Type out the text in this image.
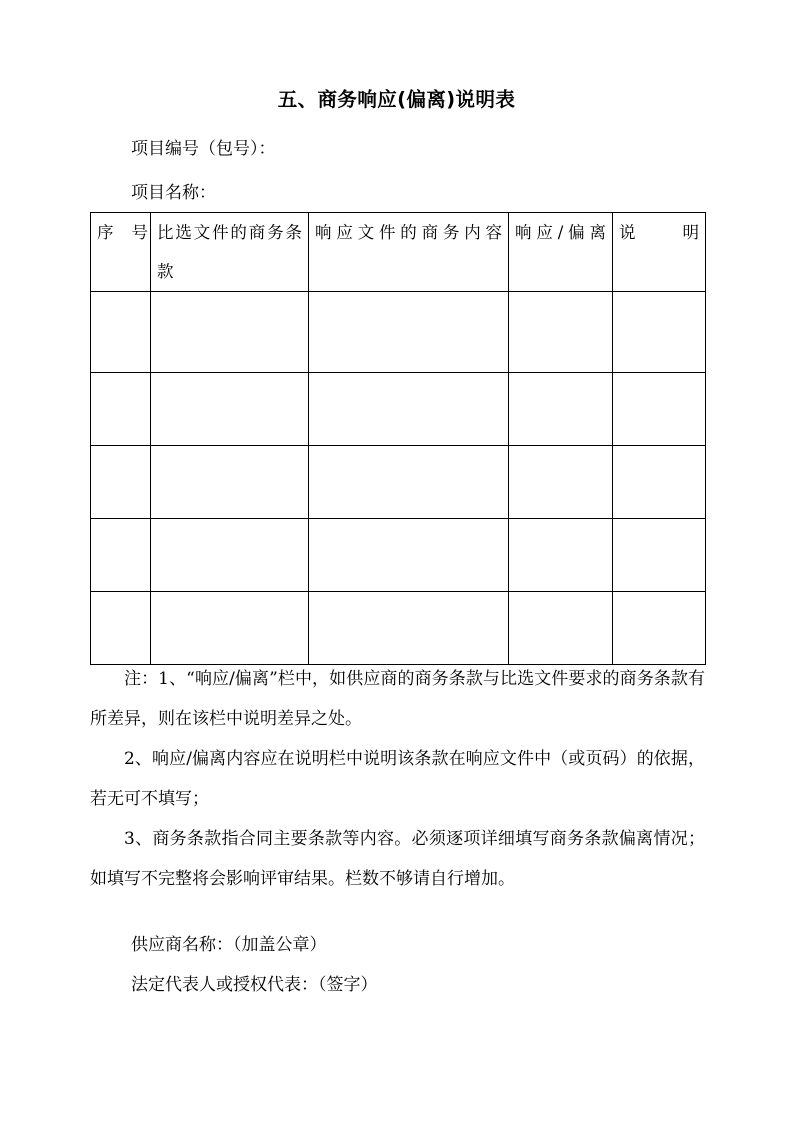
五、商务响应(偏离)说明表
项目编号（包号）：
项目名称：
序号	比选文件的商务条款	响应文件的商务内容	响应/偏离	说明

注：1、“响应/偏离”栏中，如供应商的商务条款与比选文件要求的商务条款有所差异，则在该栏中说明差异之处。

2、响应/偏离内容应在说明栏中说明该条款在响应文件中（或页码）的依据，若无可不填写；

3、商务条款指合同主要条款等内容。必须逐项详细填写商务条款偏离情况；如填写不完整将会影响评审结果。栏数不够请自行增加。

供应商名称：（加盖公章）
法定代表人或授权代表：（签字）
